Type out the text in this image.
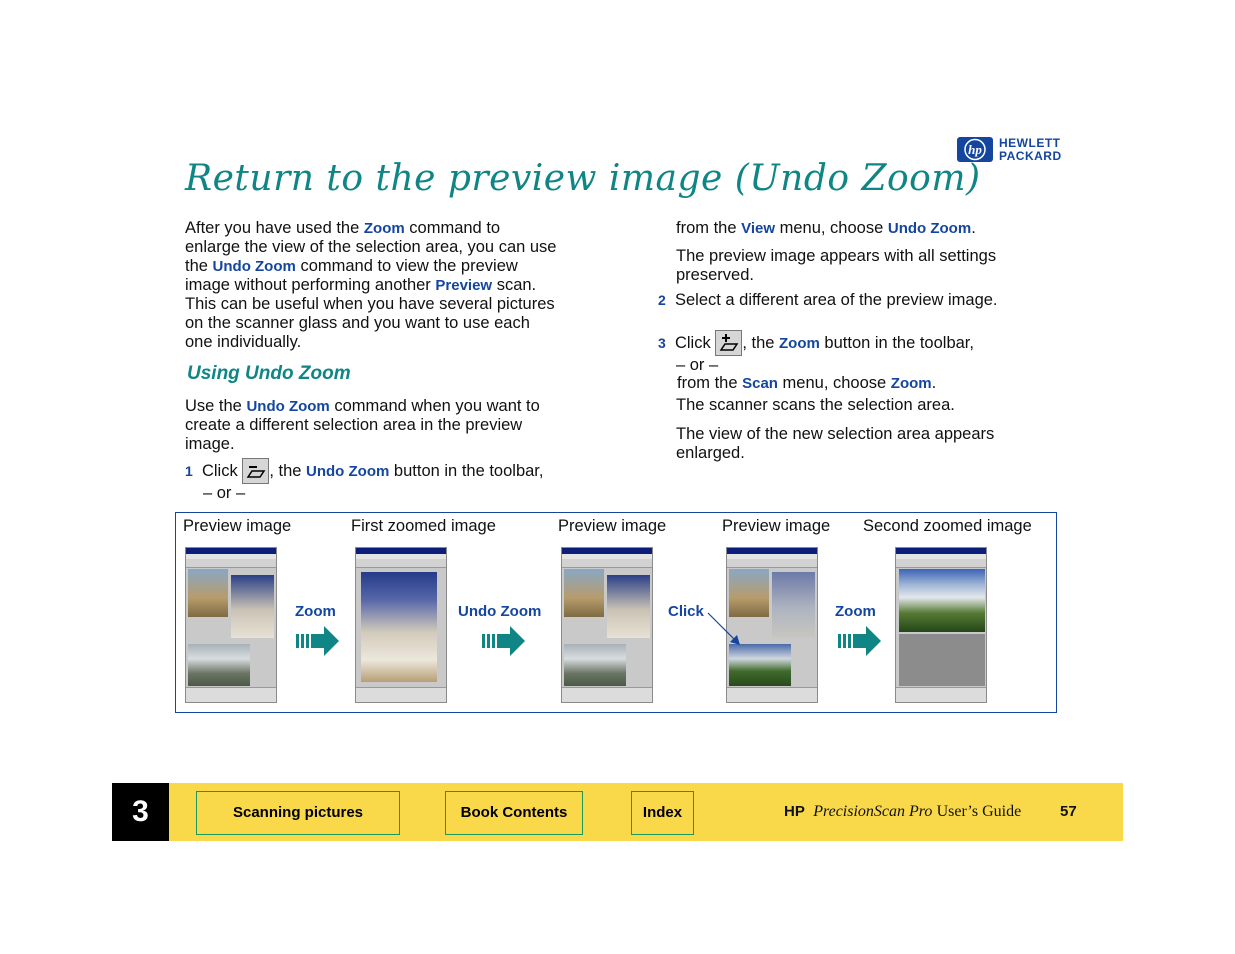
hp HEWLETT
PACKARD
Return to the preview image (Undo Zoom)
After you have used the Zoom command to
enlarge the view of the selection area, you can use
the Undo Zoom command to view the preview
image without performing another Preview scan.
This can be useful when you have several pictures
on the scanner glass and you want to use each
one individually.
Using Undo Zoom
Use the Undo Zoom command when you want to
create a different selection area in the preview
image.
1 Click , the Undo Zoom button in the toolbar,
– or –
from the View menu, choose Undo Zoom.
The preview image appears with all settings
preserved.
2 Select a different area of the preview image.
3 Click , the Zoom button in the toolbar,
– or –
from the Scan menu, choose Zoom.
The scanner scans the selection area.
The view of the new selection area appears
enlarged.
Preview image	First zoomed image	Preview image	Preview image Second zoomed image
Zoom	Undo Zoom	Click	Zoom
3	Scanning pictures	Book Contents	Index	HP PrecisionScan Pro User’s Guide	57
